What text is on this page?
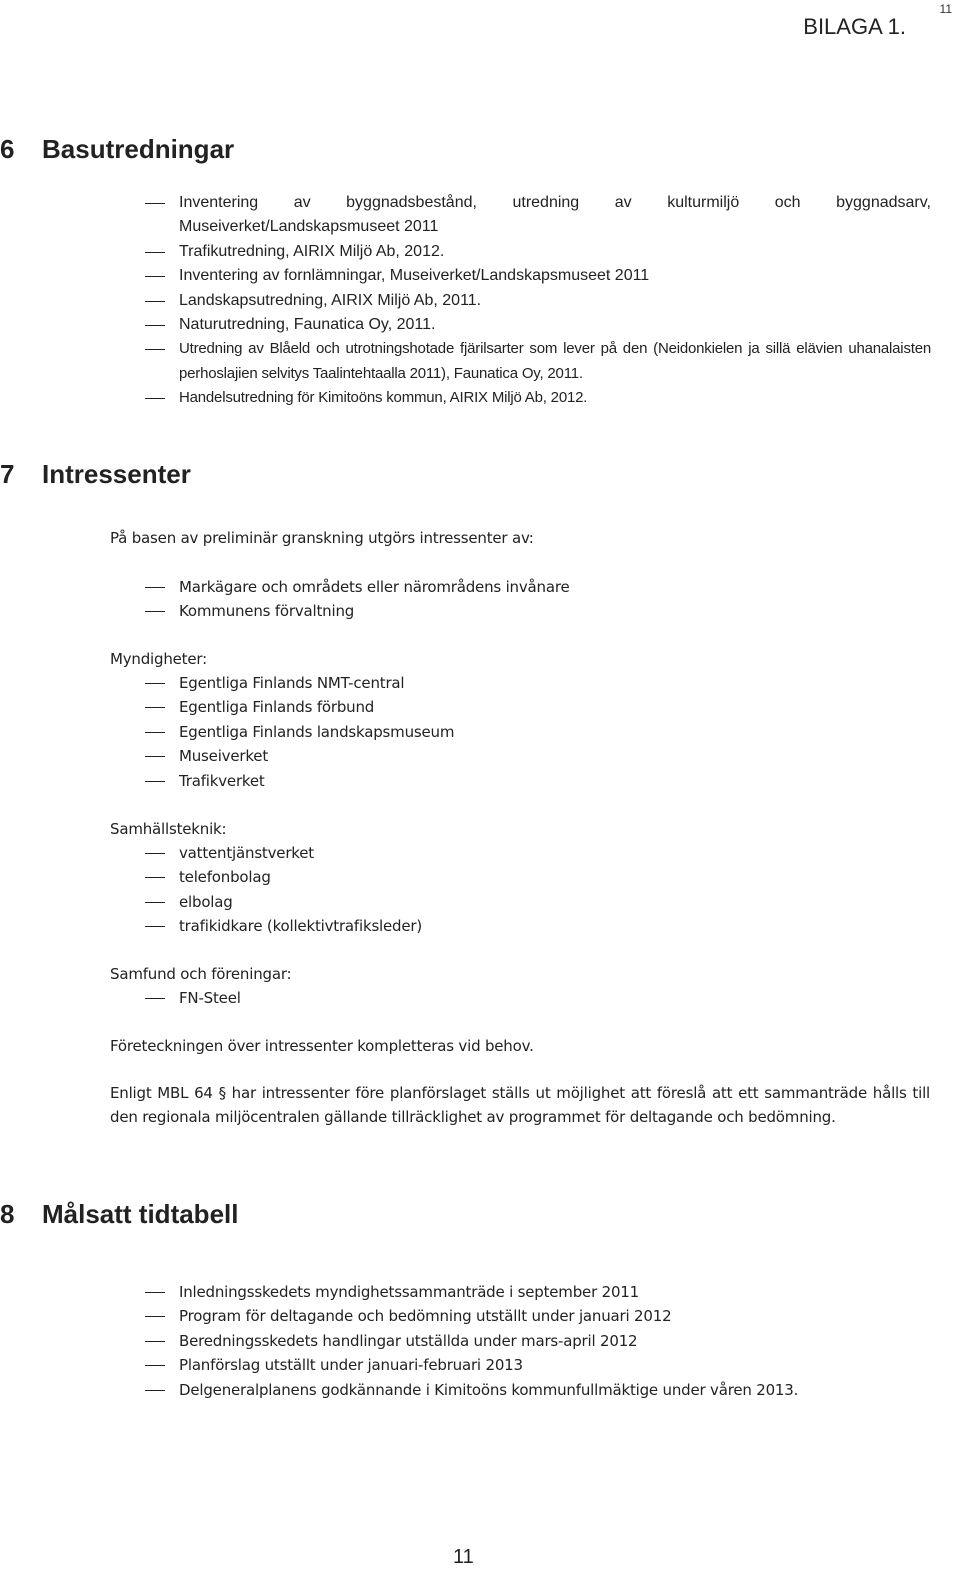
11
BILAGA 1.
6 Basutredningar
Inventering av byggnadsbestånd, utredning av kulturmiljö och byggnadsarv, Museiverket/Landskapsmuseet 2011
Trafikutredning, AIRIX Miljö Ab, 2012.
Inventering av fornlämningar, Museiverket/Landskapsmuseet 2011
Landskapsutredning, AIRIX Miljö Ab, 2011.
Naturutredning, Faunatica Oy, 2011.
Utredning av Blåeld och utrotningshotade fjärilsarter som lever på den (Neidonkielen ja sillä elävien uhanalaisten perhoslajien selvitys Taalintehtaalla 2011), Faunatica Oy, 2011.
Handelsutredning för Kimitoöns kommun, AIRIX Miljö Ab, 2012.
7 Intressenter
På basen av preliminär granskning utgörs intressenter av:
Markägare och områdets eller närområdens invånare
Kommunens förvaltning
Myndigheter:
Egentliga Finlands NMT-central
Egentliga Finlands förbund
Egentliga Finlands landskapsmuseum
Museiverket
Trafikverket
Samhällsteknik:
vattentjänstverket
telefonbolag
elbolag
trafikidkare (kollektivtrafiksleder)
Samfund och föreningar:
FN-Steel
Företeckningen över intressenter kompletteras vid behov.
Enligt MBL 64 § har intressenter före planförslaget ställs ut möjlighet att föreslå att ett sammanträde hålls till den regionala miljöcentralen gällande tillräcklighet av programmet för deltagande och bedömning.
8 Målsatt tidtabell
Inledningsskedets myndighetssammanträde i september 2011
Program för deltagande och bedömning utställt under januari 2012
Beredningsskedets handlingar utställda under mars-april 2012
Planförslag utställt under januari-februari 2013
Delgeneralplanens godkännande i Kimitoöns kommunfullmäktige under våren 2013.
11
